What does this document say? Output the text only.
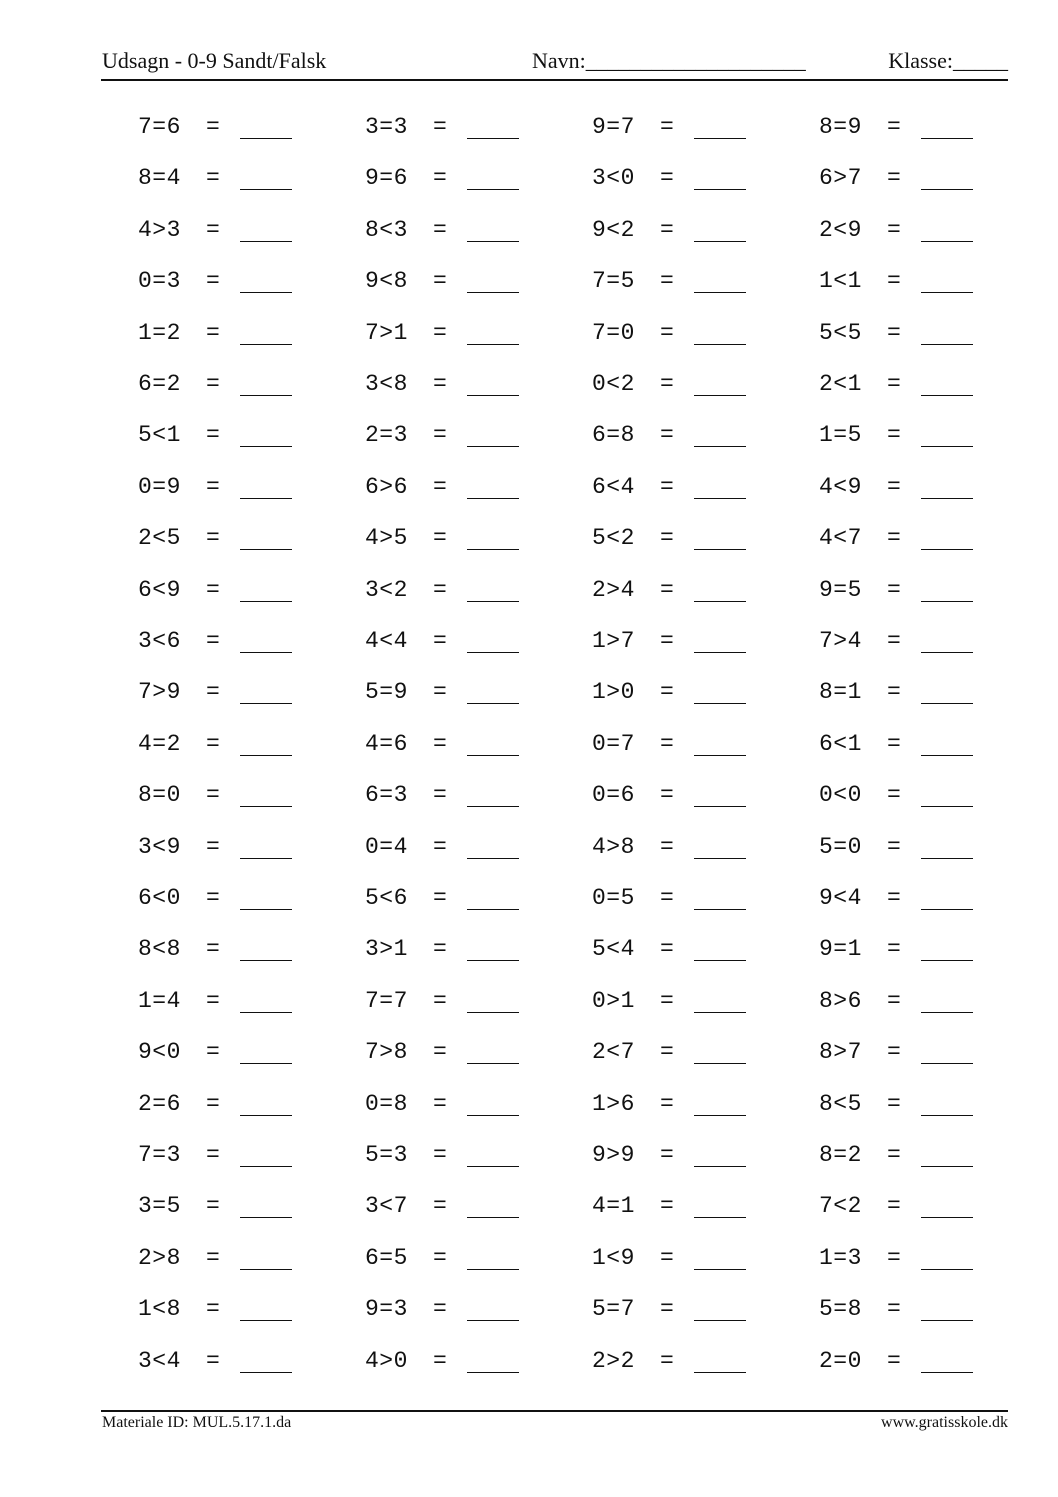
Udsagn - 0-9 Sandt/Falsk	Navn:____________________	Klasse:_____
7=6 =	3=3 =	9=7 =	8=9 =
8=4 =	9=6 =	3<0 =	6>7 =
4>3 =	8<3 =	9<2 =	2<9 =
0=3 =	9<8 =	7=5 =	1<1 =
1=2 =	7>1 =	7=0 =	5<5 =
6=2 =	3<8 =	0<2 =	2<1 =
5<1 =	2=3 =	6=8 =	1=5 =
0=9 =	6>6 =	6<4 =	4<9 =
2<5 =	4>5 =	5<2 =	4<7 =
6<9 =	3<2 =	2>4 =	9=5 =
3<6 =	4<4 =	1>7 =	7>4 =
7>9 =	5=9 =	1>0 =	8=1 =
4=2 =	4=6 =	0=7 =	6<1 =
8=0 =	6=3 =	0=6 =	0<0 =
3<9 =	0=4 =	4>8 =	5=0 =
6<0 =	5<6 =	0=5 =	9<4 =
8<8 =	3>1 =	5<4 =	9=1 =
1=4 =	7=7 =	0>1 =	8>6 =
9<0 =	7>8 =	2<7 =	8>7 =
2=6 =	0=8 =	1>6 =	8<5 =
7=3 =	5=3 =	9>9 =	8=2 =
3=5 =	3<7 =	4=1 =	7<2 =
2>8 =	6=5 =	1<9 =	1=3 =
1<8 =	9=3 =	5=7 =	5=8 =
3<4 =	4>0 =	2>2 =	2=0 =
Materiale ID: MUL.5.17.1.da	www.gratisskole.dk
